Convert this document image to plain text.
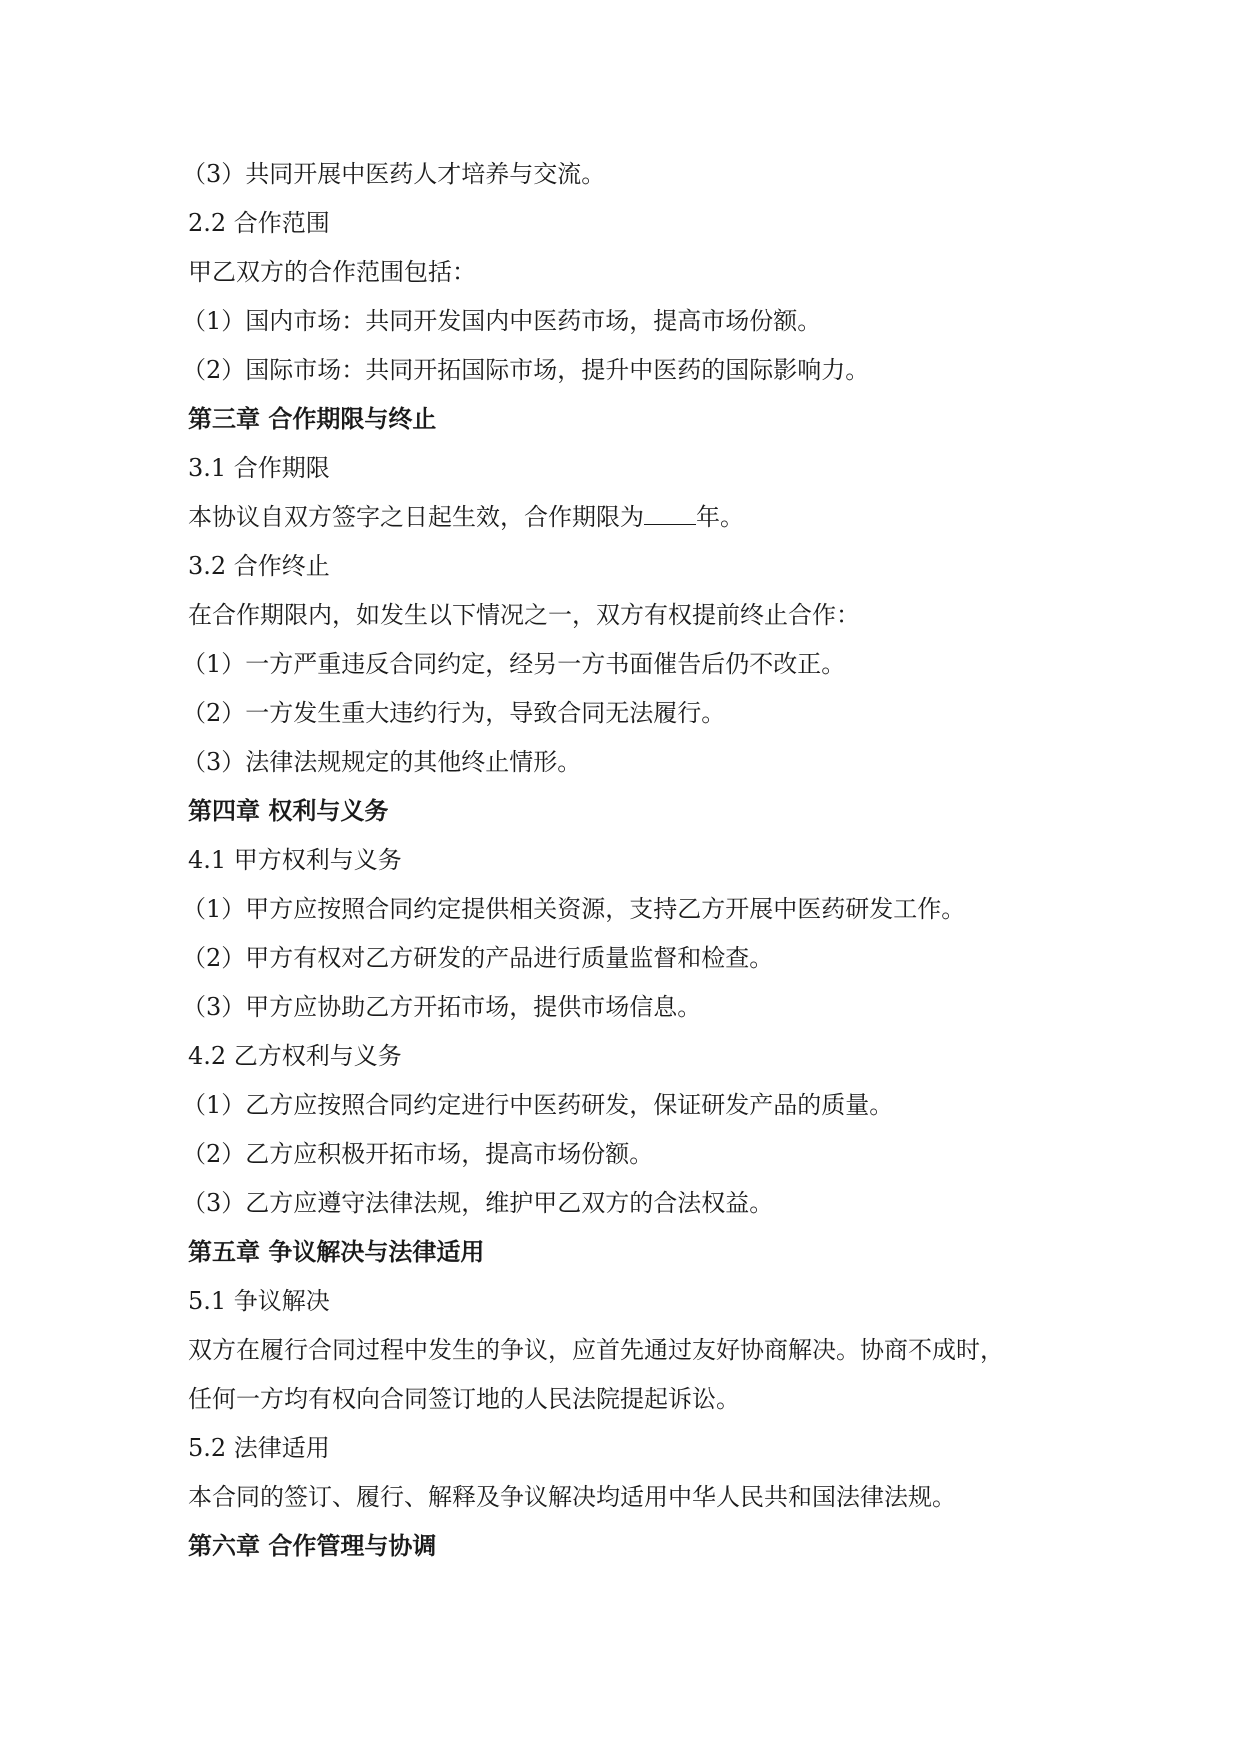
（3）共同开展中医药人才培养与交流。
2.2 合作范围
甲乙双方的合作范围包括：
（1）国内市场：共同开发国内中医药市场，提高市场份额。
（2）国际市场：共同开拓国际市场，提升中医药的国际影响力。
第三章 合作期限与终止
3.1 合作期限
本协议自双方签字之日起生效，合作期限为 年。
3.2 合作终止
在合作期限内，如发生以下情况之一，双方有权提前终止合作：
（1）一方严重违反合同约定，经另一方书面催告后仍不改正。
（2）一方发生重大违约行为，导致合同无法履行。
（3）法律法规规定的其他终止情形。
第四章 权利与义务
4.1 甲方权利与义务
（1）甲方应按照合同约定提供相关资源，支持乙方开展中医药研发工作。
（2）甲方有权对乙方研发的产品进行质量监督和检查。
（3）甲方应协助乙方开拓市场，提供市场信息。
4.2 乙方权利与义务
（1）乙方应按照合同约定进行中医药研发，保证研发产品的质量。
（2）乙方应积极开拓市场，提高市场份额。
（3）乙方应遵守法律法规，维护甲乙双方的合法权益。
第五章 争议解决与法律适用
5.1 争议解决
双方在履行合同过程中发生的争议，应首先通过友好协商解决。协商不成时，
任何一方均有权向合同签订地的人民法院提起诉讼。
5.2 法律适用
本合同的签订、履行、解释及争议解决均适用中华人民共和国法律法规。
第六章 合作管理与协调
